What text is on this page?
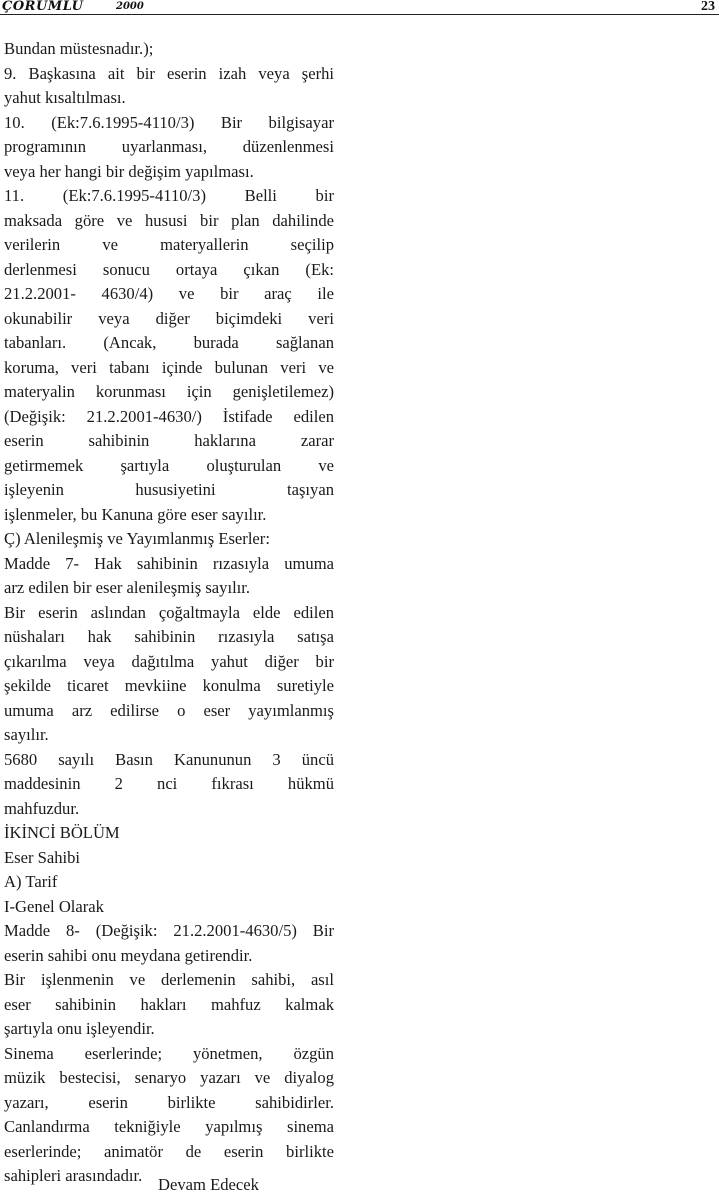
ÇORUMLU	2000	23
Bundan müstesnadır.);
9. Başkasına ait bir eserin izah veya şerhi
yahut kısaltılması.
10. (Ek:7.6.1995-4110/3) Bir bilgisayar
programının uyarlanması, düzenlenmesi
veya her hangi bir değişim yapılması.
11. (Ek:7.6.1995-4110/3) Belli bir
maksada göre ve hususi bir plan dahilinde
verilerin ve materyallerin seçilip
derlenmesi sonucu ortaya çıkan (Ek:
21.2.2001- 4630/4) ve bir araç ile
okunabilir veya diğer biçimdeki veri
tabanları. (Ancak, burada sağlanan
koruma, veri tabanı içinde bulunan veri ve
materyalin korunması için genişletilemez)
(Değişik: 21.2.2001-4630/) İstifade edilen
eserin sahibinin haklarına zarar
getirmemek şartıyla oluşturulan ve
işleyenin hususiyetini taşıyan
işlenmeler, bu Kanuna göre eser sayılır.
Ç) Alenileşmiş ve Yayımlanmış Eserler:
Madde 7- Hak sahibinin rızasıyla umuma
arz edilen bir eser alenileşmiş sayılır.
Bir eserin aslından çoğaltmayla elde edilen
nüshaları hak sahibinin rızasıyla satışa
çıkarılma veya dağıtılma yahut diğer bir
şekilde ticaret mevkiine konulma suretiyle
umuma arz edilirse o eser yayımlanmış
sayılır.
5680 sayılı Basın Kanununun 3 üncü
maddesinin 2 nci fıkrası hükmü
mahfuzdur.
İKİNCİ BÖLÜM
Eser Sahibi
A) Tarif
I-Genel Olarak
Madde 8- (Değişik: 21.2.2001-4630/5) Bir
eserin sahibi onu meydana getirendir.
Bir işlenmenin ve derlemenin sahibi, asıl
eser sahibinin hakları mahfuz kalmak
şartıyla onu işleyendir.
Sinema eserlerinde; yönetmen, özgün
müzik bestecisi, senaryo yazarı ve diyalog
yazarı, eserin birlikte sahibidirler.
Canlandırma tekniğiyle yapılmış sinema
eserlerinde; animatör de eserin birlikte
sahipleri arasındadır. Devam Edecek
